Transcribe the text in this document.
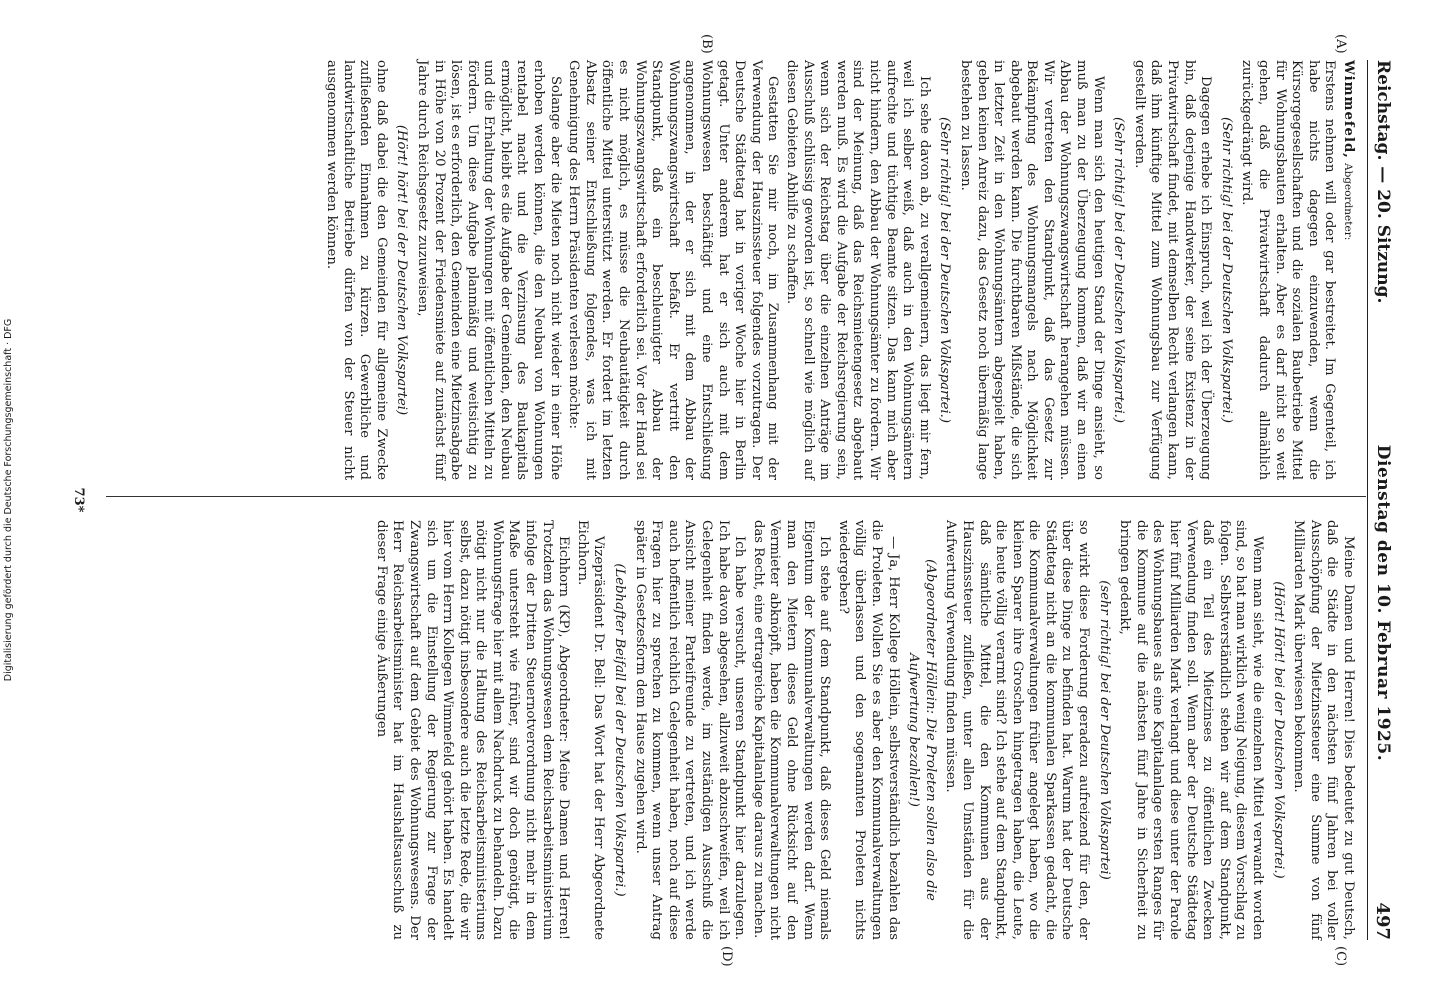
Reichstag. — 20. Sitzung.
Dienstag den 10. Februar 1925.
497
(A)
(B)
(C)
(D)

Wimmefeld, Abgeordneter:

Erstens nehmen will oder gar bestreitet. Im Gegenteil, ich habe nichts dagegen einzuwenden, wenn die Kürsorgegesellschaften und die sozialen Baubetriebe Mittel für Wohnungsbauten erhalten. Aber es darf nicht so weit gehen, daß die Privatwirtschaft dadurch allmählich zurückgedrängt wird.

(Sehr richtig! bei der Deutschen Volkspartei.)

Dagegen erhebe ich Einspruch, weil ich der Überzeugung bin, daß derjenige Handwerker, der seine Existenz in der Privatwirtschaft findet, mit demselben Recht verlangen kann, daß ihm künftige Mittel zum Wohnungsbau zur Verfügung gestellt werden.

(Sehr richtig! bei der Deutschen Volkspartei.)

Wenn man sich den heutigen Stand der Dinge ansieht, so muß man zu der Überzeugung kommen, daß wir an einen Abbau der Wohnungszwangswirtschaft herangehen müssen. Wir vertreten den Standpunkt, daß das Gesetz zur Bekämpfung des Wohnungsmangels nach Möglichkeit abgebaut werden kann. Die furchtbaren Mißstände, die sich in letzter Zeit in den Wohnungsämtern abgespielt haben, geben keinen Anreiz dazu, das Gesetz noch übermäßig lange bestehen zu lassen.

(Sehr richtig! bei der Deutschen Volkspartei.)

Ich sehe davon ab, zu verallgemeinern, das liegt mir fern, weil ich selber weiß, daß auch in den Wohnungsämtern aufrechte und tüchtige Beamte sitzen. Das kann mich aber nicht hindern, den Abbau der Wohnungsämter zu fordern. Wir sind der Meinung, daß das Reichsmietengesetz abgebaut werden muß. Es wird die Aufgabe der Reichsregierung sein, wenn sich der Reichstag über die einzelnen Anträge im Ausschuß schlüssig geworden ist, so schnell wie möglich auf diesen Gebieten Abhilfe zu schaffen.

Gestatten Sie mir noch, im Zusammenhang mit der Verwendung der Hauszinssteuer folgendes vorzutragen. Der Deutsche Städtetag hat in voriger Woche hier in Berlin getagt. Unter anderem hat er sich auch mit dem Wohnungswesen beschäftigt und eine Entschließung angenommen, in der er sich mit dem Abbau der Wohnungszwangswirtschaft befaßt. Er vertritt den Standpunkt, daß ein beschleunigter Abbau der Wohnungszwangswirtschaft erforderlich sei. Vor der Hand sei es nicht möglich, es müsse die Neubautätigkeit durch öffentliche Mittel unterstützt werden. Er fordert im letzten Absatz seiner Entschließung folgendes, was ich mit Genehmigung des Herrn Präsidenten verlesen möchte:

Solange aber die Mieten noch nicht wieder in einer Höhe erhoben werden können, die den Neubau von Wohnungen rentabel macht und die Verzinsung des Baukapitals ermöglicht, bleibt es die Aufgabe der Gemeinden, den Neubau und die Erhaltung der Wohnungen mit öffentlichen Mitteln zu fördern. Um diese Aufgabe planmäßig und weitsichtig zu lösen, ist es erforderlich, den Gemeinden eine Mietzinsabgabe in Höhe von 20 Prozent der Friedensmiete auf zunächst fünf Jahre durch Reichsgesetz zuzuweisen,

(Hört! hört! bei der Deutschen Volkspartei)

ohne daß dabei die den Gemeinden für allgemeine Zwecke zufließenden Einnahmen zu kürzen. Gewerbliche und landwirtschaftliche Betriebe dürfen von der Steuer nicht ausgenommen werden können.

Meine Damen und Herren! Dies bedeutet zu gut Deutsch, daß die Städte in den nächsten fünf Jahren bei voller Ausschöpfung der Mietzinssteuer eine Summe von fünf Milliarden Mark überwiesen bekommen.

(Hört! Hört! bei der Deutschen Volkspartei.)

Wenn man sieht, wie die einzelnen Mittel verwandt worden sind, so hat man wirklich wenig Neigung, diesem Vorschlag zu folgen. Selbstverständlich stehen wir auf dem Standpunkt, daß ein Teil des Mietzinses zu öffentlichen Zwecken Verwendung finden soll. Wenn aber der Deutsche Städtetag hier fünf Milliarden Mark verlangt und diese unter der Parole des Wohnungsbaues als eine Kapitalanlage ersten Ranges für die Kommune auf die nächsten fünf Jahre in Sicherheit zu bringen gedenkt,

(sehr richtig! bei der Deutschen Volkspartei)

so wirkt diese Forderung geradezu aufreizend für den, der über diese Dinge zu befinden hat. Warum hat der Deutsche Städtetag nicht an die kommunalen Sparkassen gedacht, die die Kommunalverwaltungen früher angelegt haben, wo die kleinen Sparer ihre Groschen hingetragen haben, die Leute, die heute völlig verarmt sind? Ich stehe auf dem Standpunkt, daß sämtliche Mittel, die den Kommunen aus der Hauszinssteuer zufließen, unter allen Umständen für die Aufwertung Verwendung finden müssen.

(Abgeordneter Höllein: Die Proleten sollen also die Aufwertung bezahlen!)

— Ja, Herr Kollege Höllein, selbstverständlich bezahlen das die Proleten. Wollen Sie es aber den Kommunalverwaltungen völlig überlassen und den sogenannten Proleten nichts wiedergeben?

Ich stehe auf dem Standpunkt, daß dieses Geld niemals Eigentum der Kommunalverwaltungen werden darf. Wenn man den Mietern dieses Geld ohne Rücksicht auf den Vermieter abknöpft, haben die Kommunalverwaltungen nicht das Recht, eine ertragreiche Kapitalanlage daraus zu machen.

Ich habe versucht, unseren Standpunkt hier darzulegen. Ich habe davon abgesehen, allzuweit abzuschweifen, weil ich Gelegenheit finden werde, im zuständigen Ausschuß die Ansicht meiner Parteifreunde zu vertreten, und ich werde auch hoffentlich reichlich Gelegenheit haben, noch auf diese Fragen hier zu sprechen zu kommen, wenn unser Antrag später in Gesetzesform dem Hause zugehen wird.

(Lebhafter Beifall bei der Deutschen Volkspartei.)

Vizepräsident Dr. Bell: Das Wort hat der Herr Abgeordnete Eichhorn.

Eichhorn (KP), Abgeordneter: Meine Damen und Herren! Trotzdem das Wohnungswesen dem Reichsarbeitsministerium infolge der Dritten Steuernotverordnung nicht mehr in dem Maße untersteht wie früher, sind wir doch genötigt, die Wohnungsfrage hier mit allem Nachdruck zu behandeln. Dazu nötigt nicht nur die Haltung des Reichsarbeitsministeriums selbst, dazu nötigt insbesondere auch die letzte Rede, die wir hier vom Herrn Kollegen Wimmefeld gehört haben. Es handelt sich um die Einstellung der Regierung zur Frage der Zwangswirtschaft auf dem Gebiet des Wohnungswesens. Der Herr Reichsarbeitsminister hat im Haushaltsausschuß zu dieser Frage einige Äußerungen

73*
Digitalisierung gefördert durch die Deutsche Forschungsgemeinschaft · DFG
